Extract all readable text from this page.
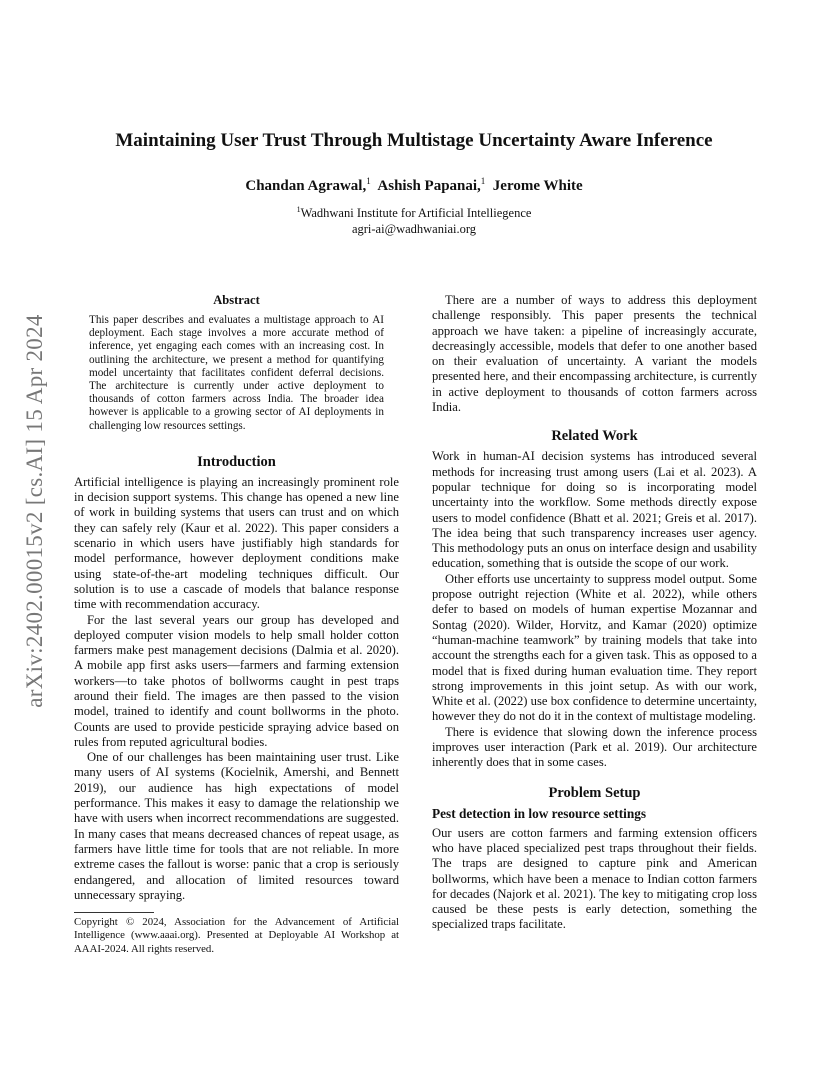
arXiv:2402.00015v2 [cs.AI] 15 Apr 2024
Maintaining User Trust Through Multistage Uncertainty Aware Inference
Chandan Agrawal,$^1$ Ashish Papanai,$^1$ Jerome White
$^1$Wadhwani Institute for Artificial Intelliegence
agri-ai@wadhwaniai.org
Abstract

This paper describes and evaluates a multistage approach to AI deployment. Each stage involves a more accurate method of inference, yet engaging each comes with an increasing cost. In outlining the architecture, we present a method for quantifying model uncertainty that facilitates confident deferral decisions. The architecture is currently under active deployment to thousands of cotton farmers across India. The broader idea however is applicable to a growing sector of AI deployments in challenging low resources settings.

Introduction

Artificial intelligence is playing an increasingly prominent role in decision support systems. This change has opened a new line of work in building systems that users can trust and on which they can safely rely (Kaur et al. 2022). This paper considers a scenario in which users have justifiably high standards for model performance, however deployment conditions make using state-of-the-art modeling techniques difficult. Our solution is to use a cascade of models that balance response time with recommendation accuracy.

For the last several years our group has developed and deployed computer vision models to help small holder cotton farmers make pest management decisions (Dalmia et al. 2020). A mobile app first asks users—farmers and farming extension workers—to take photos of bollworms caught in pest traps around their field. The images are then passed to the vision model, trained to identify and count bollworms in the photo. Counts are used to provide pesticide spraying advice based on rules from reputed agricultural bodies.

One of our challenges has been maintaining user trust. Like many users of AI systems (Kocielnik, Amershi, and Bennett 2019), our audience has high expectations of model performance. This makes it easy to damage the relationship we have with users when incorrect recommendations are suggested. In many cases that means decreased chances of repeat usage, as farmers have little time for tools that are not reliable. In more extreme cases the fallout is worse: panic that a crop is seriously endangered, and allocation of limited resources toward unnecessary spraying.

Copyright © 2024, Association for the Advancement of Artificial Intelligence (www.aaai.org). Presented at Deployable AI Workshop at AAAI-2024. All rights reserved.

There are a number of ways to address this deployment challenge responsibly. This paper presents the technical approach we have taken: a pipeline of increasingly accurate, decreasingly accessible, models that defer to one another based on their evaluation of uncertainty. A variant the models presented here, and their encompassing architecture, is currently in active deployment to thousands of cotton farmers across India.

Related Work

Work in human-AI decision systems has introduced several methods for increasing trust among users (Lai et al. 2023). A popular technique for doing so is incorporating model uncertainty into the workflow. Some methods directly expose users to model confidence (Bhatt et al. 2021; Greis et al. 2017). The idea being that such transparency increases user agency. This methodology puts an onus on interface design and usability education, something that is outside the scope of our work.

Other efforts use uncertainty to suppress model output. Some propose outright rejection (White et al. 2022), while others defer to based on models of human expertise Mozannar and Sontag (2020). Wilder, Horvitz, and Kamar (2020) optimize “human-machine teamwork” by training models that take into account the strengths each for a given task. This as opposed to a model that is fixed during human evaluation time. They report strong improvements in this joint setup. As with our work, White et al. (2022) use box confidence to determine uncertainty, however they do not do it in the context of multistage modeling.

There is evidence that slowing down the inference process improves user interaction (Park et al. 2019). Our architecture inherently does that in some cases.

Problem Setup
Pest detection in low resource settings

Our users are cotton farmers and farming extension officers who have placed specialized pest traps throughout their fields. The traps are designed to capture pink and American bollworms, which have been a menace to Indian cotton farmers for decades (Najork et al. 2021). The key to mitigating crop loss caused be these pests is early detection, something the specialized traps facilitate.
